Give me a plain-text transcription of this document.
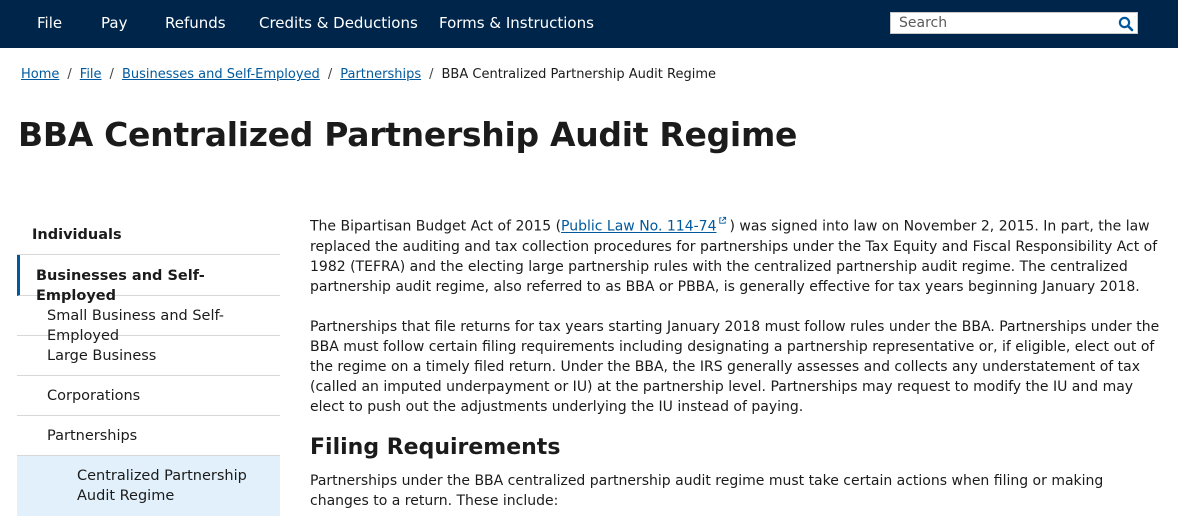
File	Pay	Refunds Credits & Deductions Forms & Instructions
Search
Home / File / Businesses and Self-Employed / Partnerships / BBA Centralized Partnership Audit Regime
BBA Centralized Partnership Audit Regime
Individuals
Businesses and Self-Employed
Small Business and Self-Employed
Large Business
Corporations
Partnerships
Centralized Partnership Audit Regime

The Bipartisan Budget Act of 2015 (Public Law No. 114-74 ) was signed into law on November 2, 2015. In part, the law replaced the auditing and tax collection procedures for partnerships under the Tax Equity and Fiscal Responsibility Act of 1982 (TEFRA) and the electing large partnership rules with the centralized partnership audit regime. The centralized partnership audit regime, also referred to as BBA or PBBA, is generally effective for tax years beginning January 2018.

Partnerships that file returns for tax years starting January 2018 must follow rules under the BBA. Partnerships under the BBA must follow certain filing requirements including designating a partnership representative or, if eligible, elect out of the regime on a timely filed return. Under the BBA, the IRS generally assesses and collects any understatement of tax (called an imputed underpayment or IU) at the partnership level. Partnerships may request to modify the IU and may elect to push out the adjustments underlying the IU instead of paying.

Filing Requirements

Partnerships under the BBA centralized partnership audit regime must take certain actions when filing or making changes to a return. These include:
